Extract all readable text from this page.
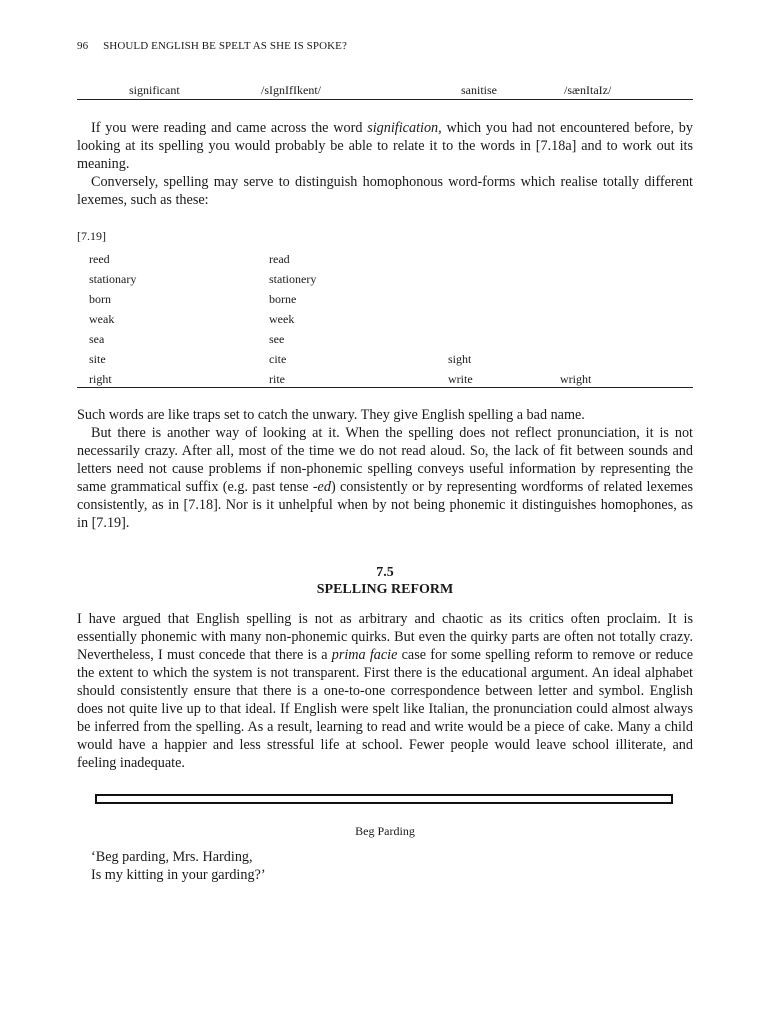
96 SHOULD ENGLISH BE SPELT AS SHE IS SPOKE?
significant	/sIgnIfIkent/	sanitise	/sænItaIz/

If you were reading and came across the word signification, which you had not encountered before, by looking at its spelling you would probably be able to relate it to the words in [7.18a] and to work out its meaning.

Conversely, spelling may serve to distinguish homophonous word-forms which realise totally different lexemes, such as these:

[7.19]
reed	read
stationary	stationery
born	borne
weak	week
sea	see
site	cite	sight
right	rite	write	wright

Such words are like traps set to catch the unwary. They give English spelling a bad name.

But there is another way of looking at it. When the spelling does not reflect pronunciation, it is not necessarily crazy. After all, most of the time we do not read aloud. So, the lack of fit between sounds and letters need not cause problems if non-phonemic spelling conveys useful information by representing the same grammatical suffix (e.g. past tense -ed) consistently or by representing wordforms of related lexemes consistently, as in [7.18]. Nor is it unhelpful when by not being phonemic it distinguishes homophones, as in [7.19].

7.5
SPELLING REFORM

I have argued that English spelling is not as arbitrary and chaotic as its critics often proclaim. It is essentially phonemic with many non-phonemic quirks. But even the quirky parts are often not totally crazy. Nevertheless, I must concede that there is a prima facie case for some spelling reform to remove or reduce the extent to which the system is not transparent. First there is the educational argument. An ideal alphabet should consistently ensure that there is a one-to-one correspondence between letter and symbol. English does not quite live up to that ideal. If English were spelt like Italian, the pronunciation could almost always be inferred from the spelling. As a result, learning to read and write would be a piece of cake. Many a child would have a happier and less stressful life at school. Fewer people would leave school illiterate, and feeling inadequate.

Beg Parding
‘Beg parding, Mrs. Harding,
Is my kitting in your garding?’
